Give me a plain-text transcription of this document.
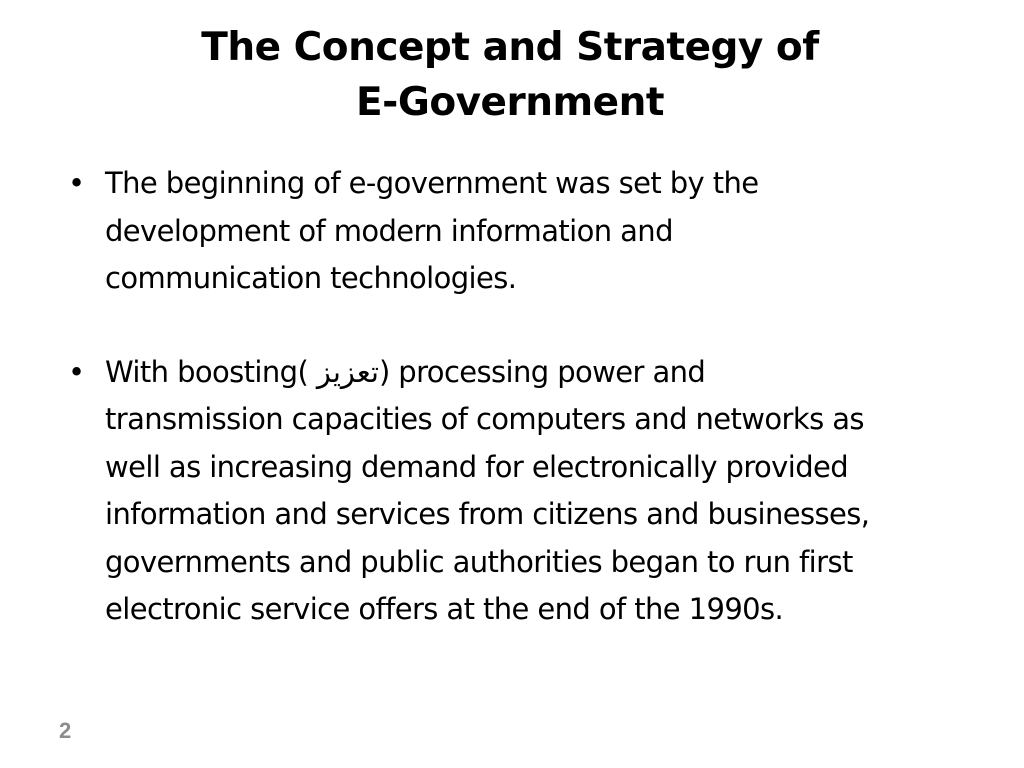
The Concept and Strategy of
E-Government
• The beginning of e-government was set by the
development of modern information and
communication technologies.
• With boosting( تعزيز) processing power and
transmission capacities of computers and networks as
well as increasing demand for electronically provided
information and services from citizens and businesses,
governments and public authorities began to run first
electronic service offers at the end of the 1990s.
2
